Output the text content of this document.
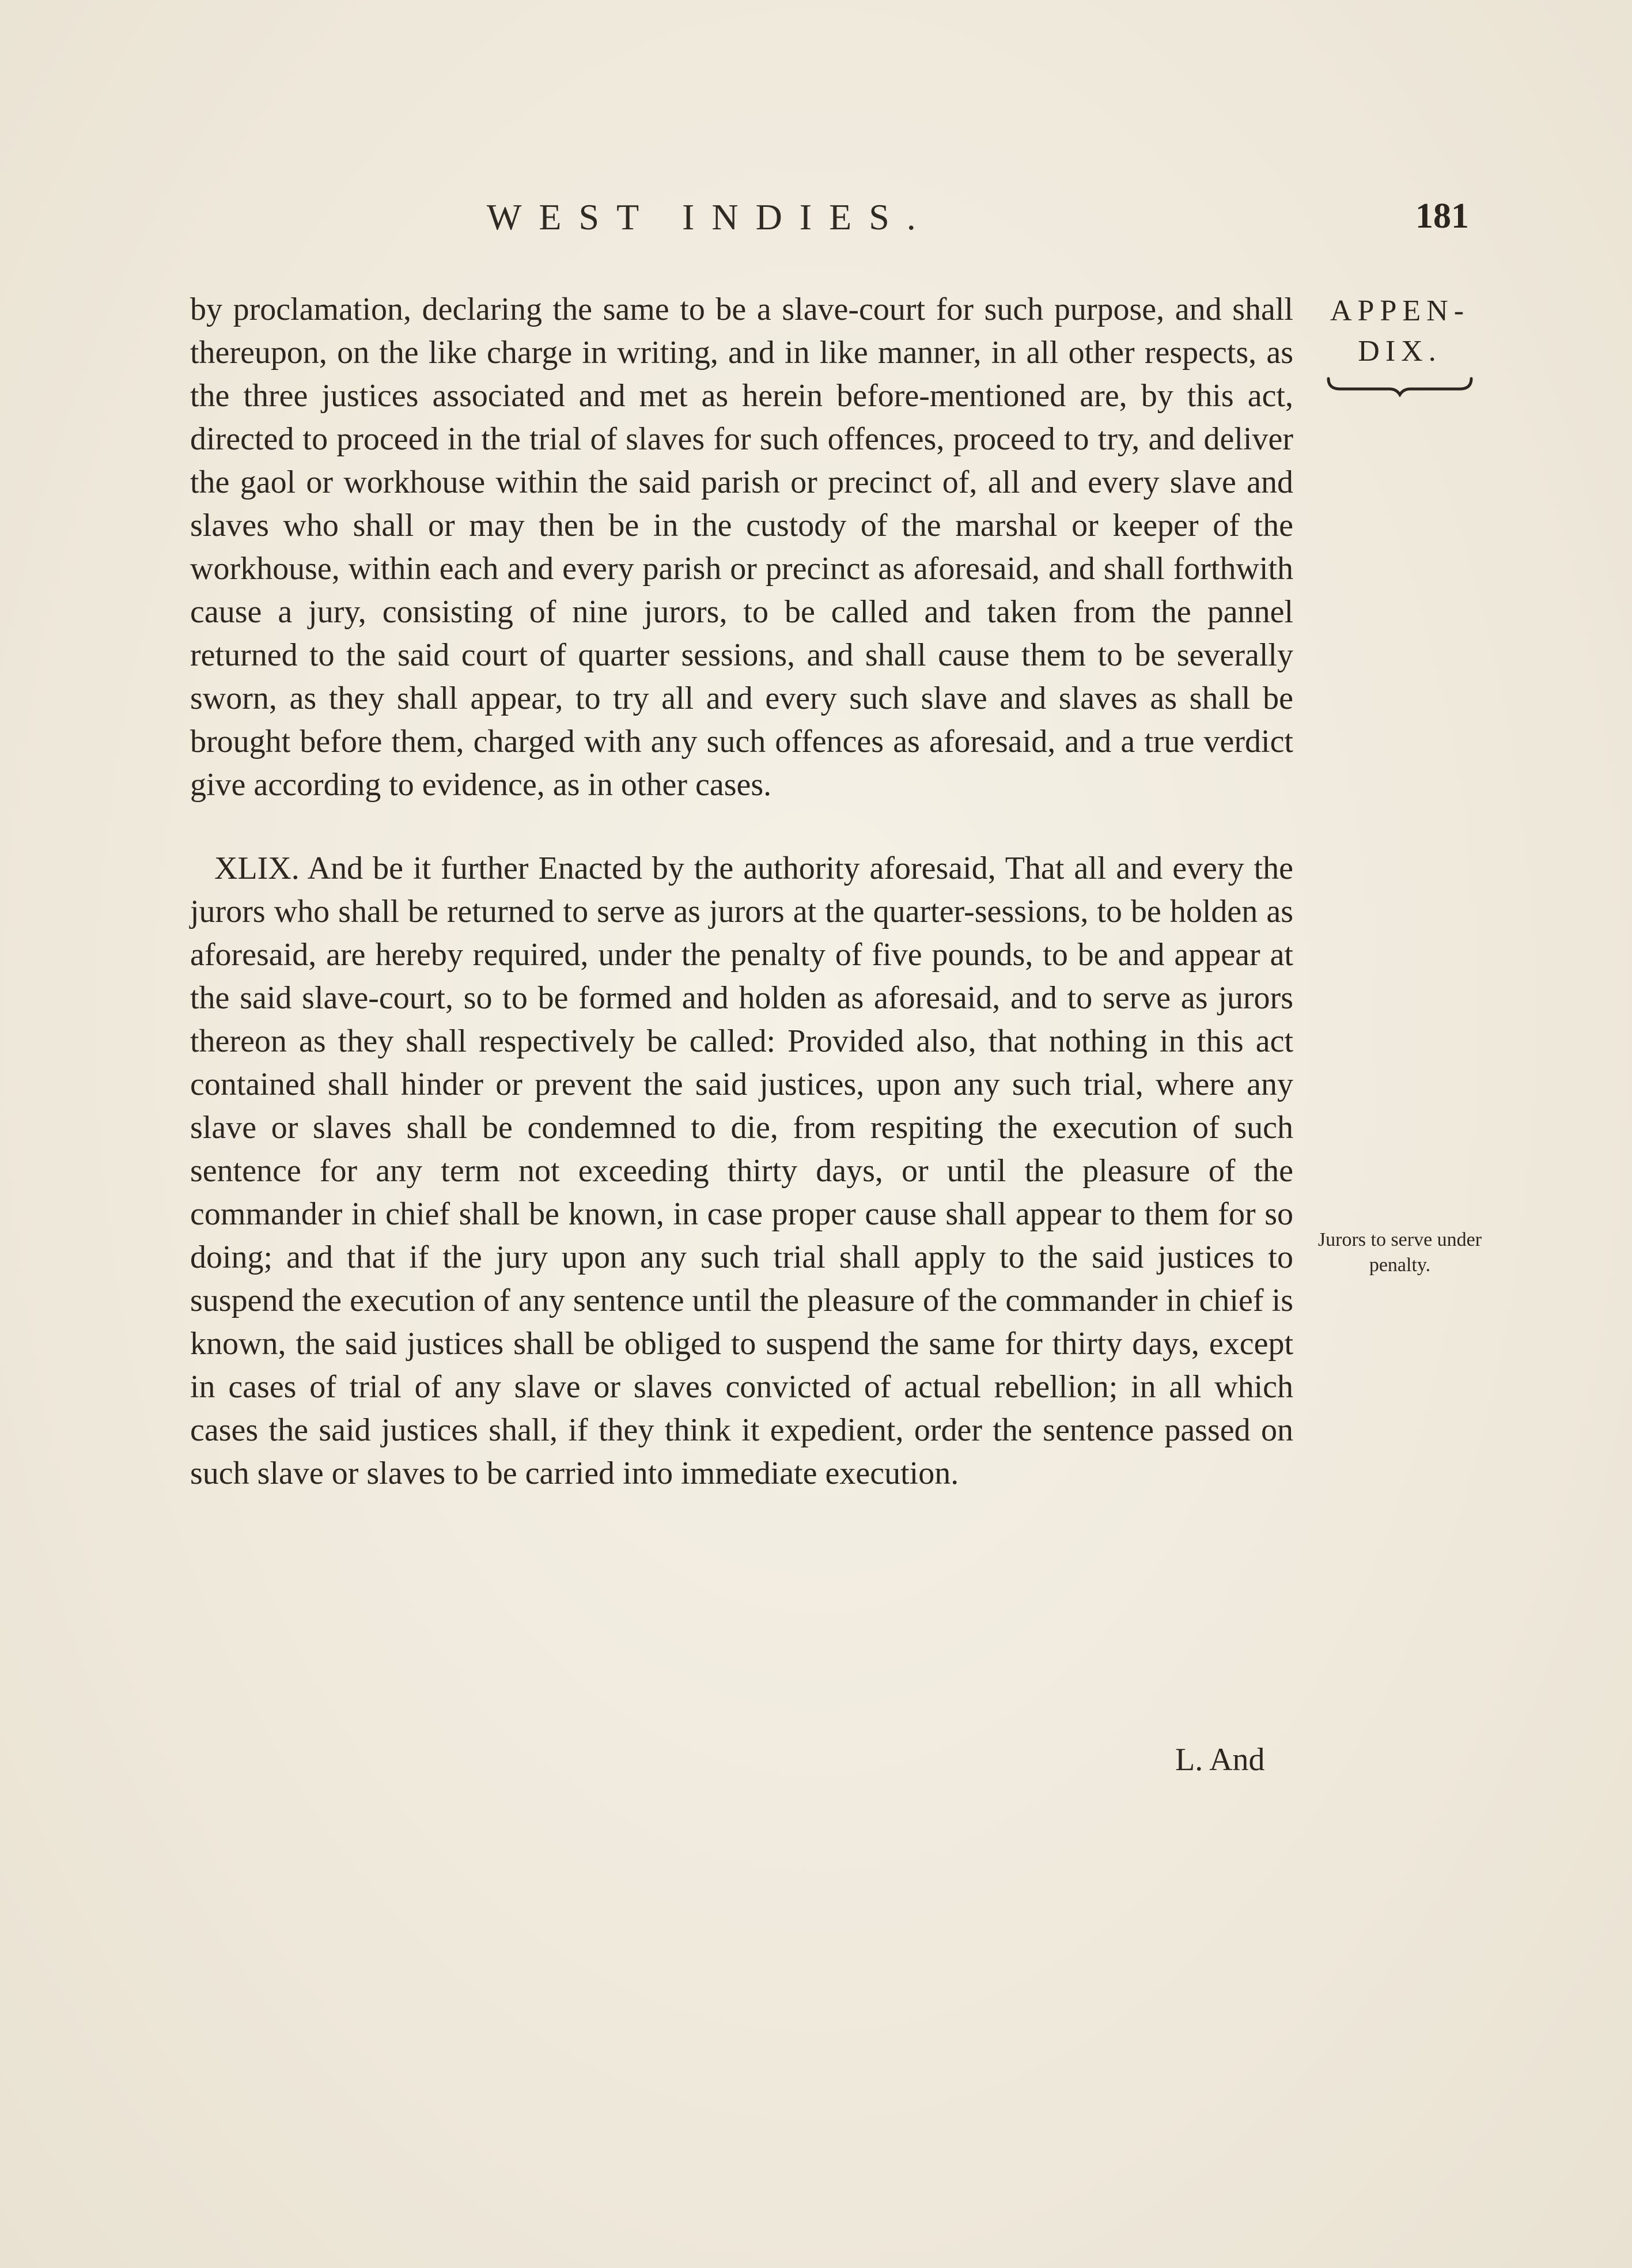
WEST INDIES.	181

by proclamation, declaring the same to be a slave-court for such purpose, and shall thereupon, on the like charge in writing, and in like manner, in all other respects, as the three justices associated and met as herein before-mentioned are, by this act, directed to proceed in the trial of slaves for such offences, proceed to try, and deliver the gaol or workhouse within the said parish or precinct of, all and every slave and slaves who shall or may then be in the custody of the marshal or keeper of the workhouse, within each and every parish or precinct as aforesaid, and shall forthwith cause a jury, consisting of nine jurors, to be called and taken from the pannel returned to the said court of quarter sessions, and shall cause them to be severally sworn, as they shall appear, to try all and every such slave and slaves as shall be brought before them, charged with any such offences as aforesaid, and a true verdict give according to evidence, as in other cases.

XLIX. And be it further Enacted by the authority aforesaid, That all and every the jurors who shall be returned to serve as jurors at the quarter-sessions, to be holden as aforesaid, are hereby required, under the penalty of five pounds, to be and appear at the said slave-court, so to be formed and holden as aforesaid, and to serve as jurors thereon as they shall respectively be called: Provided also, that nothing in this act contained shall hinder or prevent the said justices, upon any such trial, where any slave or slaves shall be condemned to die, from respiting the execution of such sentence for any term not exceeding thirty days, or until the pleasure of the commander in chief shall be known, in case proper cause shall appear to them for so doing; and that if the jury upon any such trial shall apply to the said justices to suspend the execution of any sentence until the pleasure of the commander in chief is known, the said justices shall be obliged to suspend the same for thirty days, except in cases of trial of any slave or slaves convicted of actual rebellion; in all which cases the said justices shall, if they think it expedient, order the sentence passed on such slave or slaves to be carried into immediate execution.

APPEN-
DIX.
Jurors to serve under penalty.
L. And
